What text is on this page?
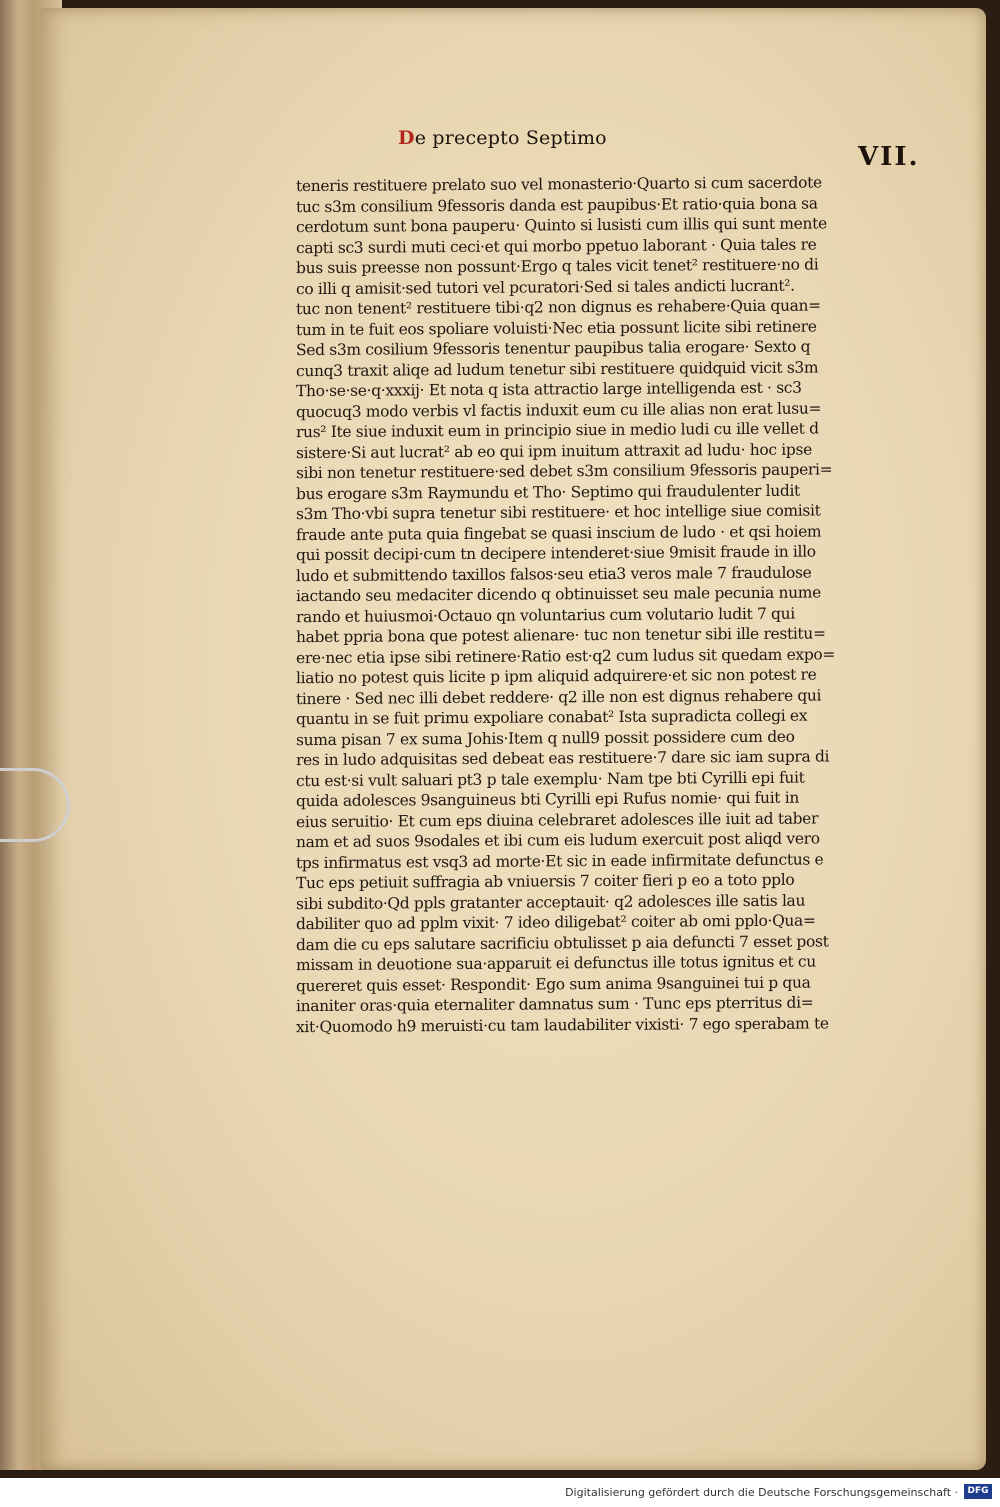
De precepto Septimo
VII.
teneris restituere prelato suo vel monasterio·Quarto si cum sacerdote
tuc s3m consilium 9fessoris danda est paupibus·Et ratio·quia bona sa
cerdotum sunt bona pauperu· Quinto si lusisti cum illis qui sunt mente
capti sc3 surdi muti ceci·et qui morbo ppetuo laborant · Quia tales re
bus suis preesse non possunt·Ergo q tales vicit tenet² restituere·no di
co illi q amisit·sed tutori vel pcuratori·Sed si tales andicti lucrant².
tuc non tenent² restituere tibi·q2 non dignus es rehabere·Quia quan=
tum in te fuit eos spoliare voluisti·Nec etia possunt licite sibi retinere
Sed s3m cosilium 9fessoris tenentur paupibus talia erogare· Sexto q
cunq3 traxit aliqe ad ludum tenetur sibi restituere quidquid vicit s3m
Tho·se·se·q·xxxij· Et nota q ista attractio large intelligenda est · sc3
quocuq3 modo verbis vl factis induxit eum cu ille alias non erat lusu=
rus² Ite siue induxit eum in principio siue in medio ludi cu ille vellet d
sistere·Si aut lucrat² ab eo qui ipm inuitum attraxit ad ludu· hoc ipse
sibi non tenetur restituere·sed debet s3m consilium 9fessoris pauperi=
bus erogare s3m Raymundu et Tho· Septimo qui fraudulenter ludit
s3m Tho·vbi supra tenetur sibi restituere· et hoc intellige siue comisit
fraude ante puta quia fingebat se quasi inscium de ludo · et qsi hoiem
qui possit decipi·cum tn decipere intenderet·siue 9misit fraude in illo
ludo et submittendo taxillos falsos·seu etia3 veros male 7 fraudulose
iactando seu medaciter dicendo q obtinuisset seu male pecunia nume
rando et huiusmoi·Octauo qn voluntarius cum volutario ludit 7 qui
habet ppria bona que potest alienare· tuc non tenetur sibi ille restitu=
ere·nec etia ipse sibi retinere·Ratio est·q2 cum ludus sit quedam expo=
liatio no potest quis licite p ipm aliquid adquirere·et sic non potest re
tinere · Sed nec illi debet reddere· q2 ille non est dignus rehabere qui
quantu in se fuit primu expoliare conabat² Ista supradicta collegi ex
suma pisan 7 ex suma Johis·Item q null9 possit possidere cum deo
res in ludo adquisitas sed debeat eas restituere·7 dare sic iam supra di
ctu est·si vult saluari pt3 p tale exemplu· Nam tpe bti Cyrilli epi fuit
quida adolesces 9sanguineus bti Cyrilli epi Rufus nomie· qui fuit in
eius seruitio· Et cum eps diuina celebraret adolesces ille iuit ad taber
nam et ad suos 9sodales et ibi cum eis ludum exercuit post aliqd vero
tps infirmatus est vsq3 ad morte·Et sic in eade infirmitate defunctus e
Tuc eps petiuit suffragia ab vniuersis 7 coiter fieri p eo a toto pplo
sibi subdito·Qd ppls gratanter acceptauit· q2 adolesces ille satis lau
dabiliter quo ad pplm vixit· 7 ideo diligebat² coiter ab omi pplo·Qua=
dam die cu eps salutare sacrificiu obtulisset p aia defuncti 7 esset post
missam in deuotione sua·apparuit ei defunctus ille totus ignitus et cu
quereret quis esset· Respondit· Ego sum anima 9sanguinei tui p qua
inaniter oras·quia eternaliter damnatus sum · Tunc eps pterritus di=
xit·Quomodo h9 meruisti·cu tam laudabiliter vixisti· 7 ego sperabam te
Digitalisierung gefördert durch die Deutsche Forschungsgemeinschaft ·	DFG
